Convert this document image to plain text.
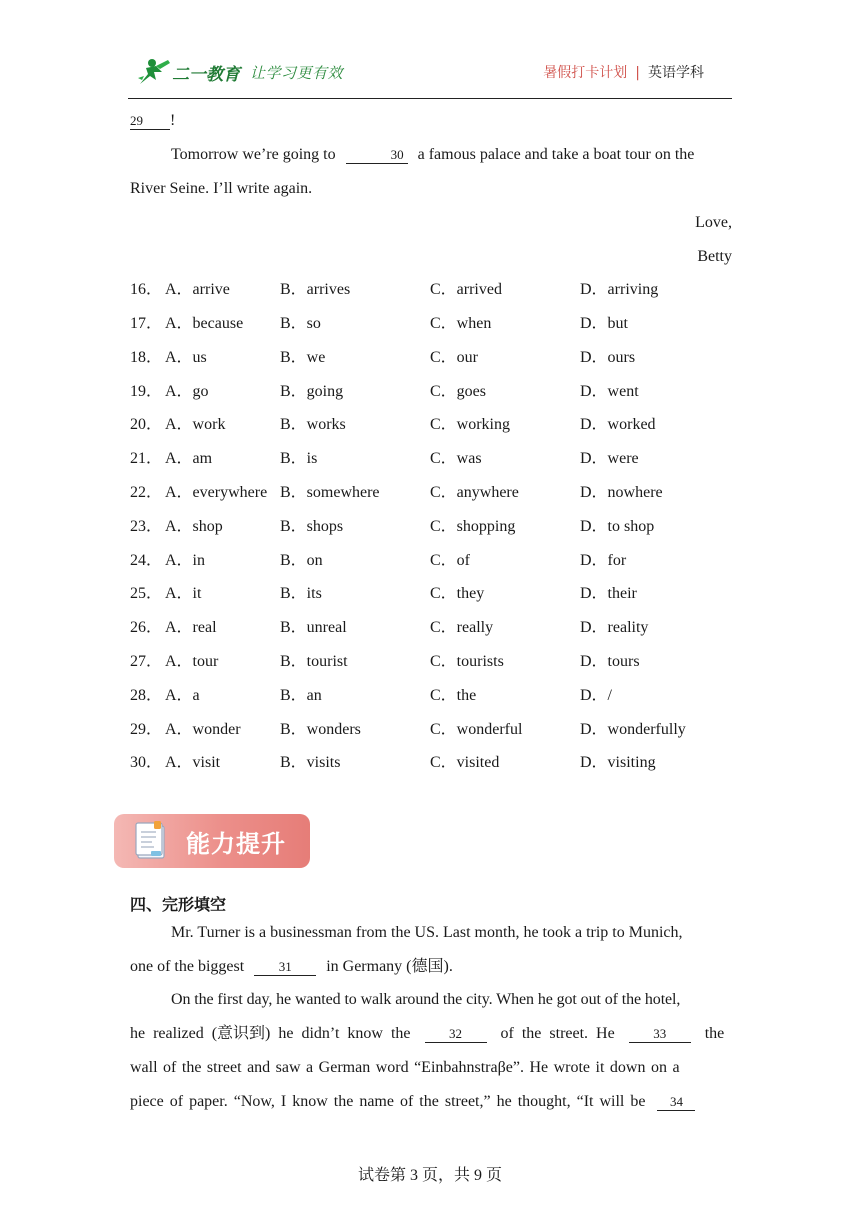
二一教育 让学习更有效	暑假打卡计划 | 英语学科
29 !
Tomorrow we’re going to	30 a famous palace and take a boat tour on the
River Seine. I’ll write again.
Love,
Betty
16． A．arrive	B．arrives	C．arrived	D．arriving
17． A．because B．so	C．when	D．but
18． A．us	B．we	C．our	D．ours
19． A．go	B．going	C．goes	D．went
20． A．work	B．works	C．working	D．worked
21． A．am	B．is	C．was	D．were
22． A．everywhere B．somewhere	C．anywhere	D．nowhere
23． A．shop	B．shops	C．shopping	D．to shop
24． A．in	B．on	C．of	D．for
25． A．it	B．its	C．they	D．their
26． A．real	B．unreal	C．really	D．reality
27． A．tour	B．tourist	C．tourists	D．tours
28． A．a	B．an	C．the	D．/
29． A．wonder B．wonders	C．wonderful	D．wonderfully
30． A．visit	B．visits	C．visited	D．visiting
能力提升
四、完形填空
Mr. Turner is a businessman from the US. Last month, he took a trip to Munich,
one of the biggest	31 in Germany (德国).
On the first day, he wanted to walk around the city. When he got out of the hotel,
he realized (意识到) he didn’t know the	32 of the street. He	33 the
wall of the street and saw a German word “Einbahnstraβe”. He wrote it down on a
piece of paper. “Now, I know the name of the street,” he thought, “It will be 34
试卷第 3 页，共 9 页
